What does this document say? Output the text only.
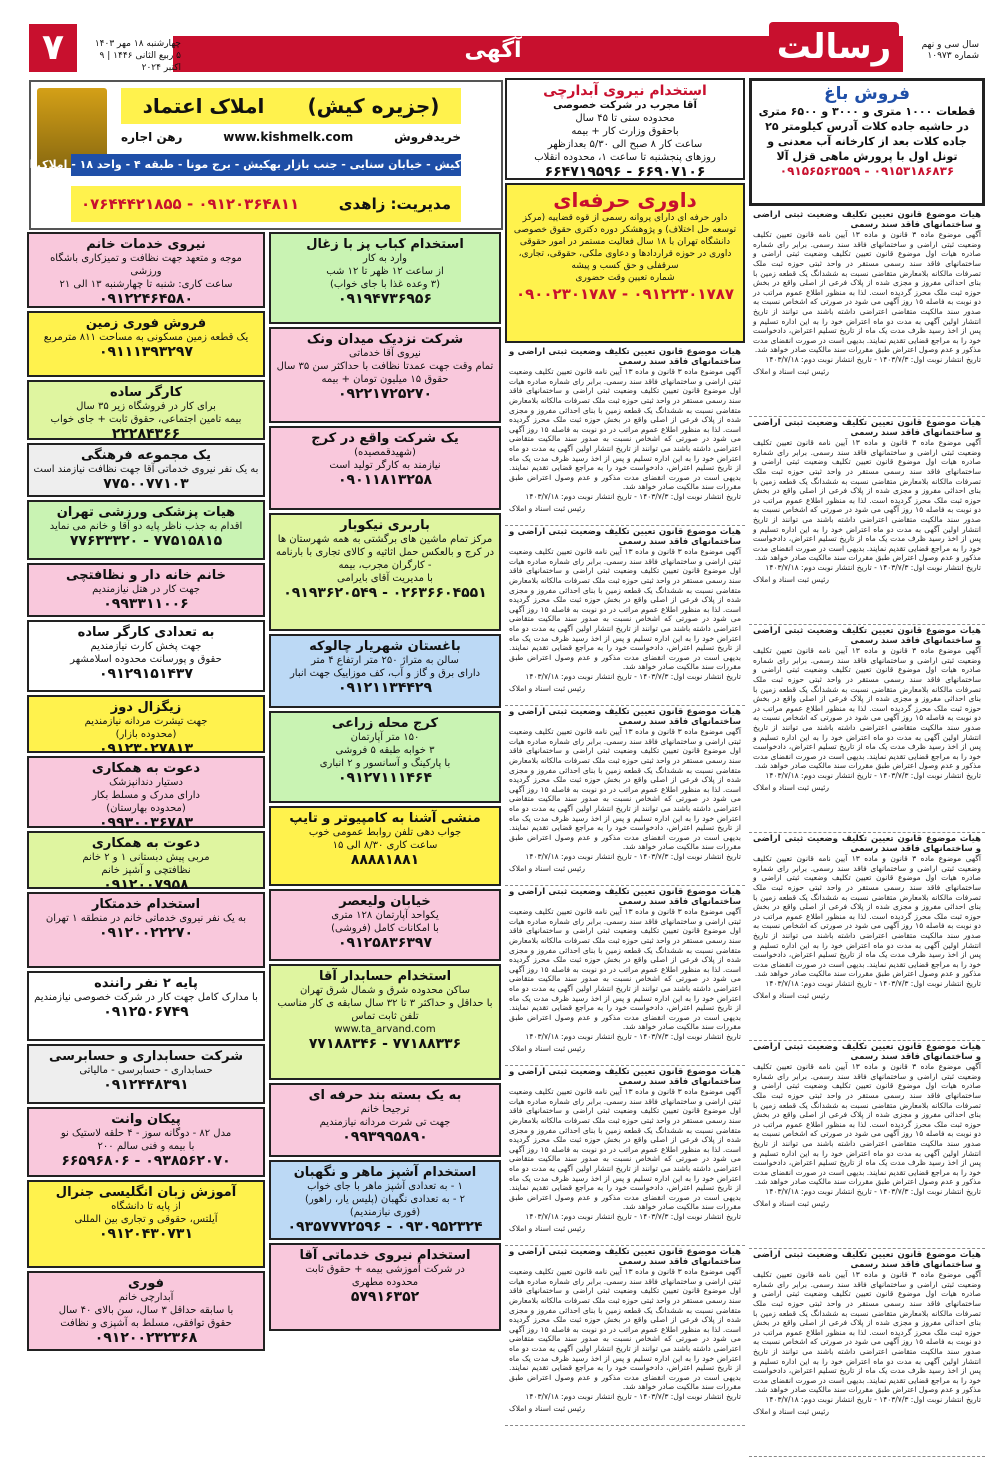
رسالت	سال سی و نهم
شماره ۱۰۹۷۳
آگهی
۷	چهارشنبه ۱۸ مهر ۱۴۰۳
۵ ربیع الثانی ۱۴۴۶ | ۹ اکتبر ۲۰۲۴
(جزیره کیش)
املاک اعتماد
خریدفروش
www.kishmelk.com
رهن اجاره
کیش - خیابان سنایی - جنب بازار بهکیش - برج مونا - طبقه ۴ - واحد ۱۸ - املاک اعتماد
مدیریت: زاهدی
۰۹۱۲۰۳۶۴۸۱۱ - ۰۷۶۴۴۴۲۱۸۵۵
فروش باغ
قطعات ۱۰۰۰ متری و ۳۰۰۰ و ۶۵۰۰ متری در حاشیه جاده کلات آدرس کیلومتر ۲۵ جاده کلات بعد از کارخانه آب معدنی و تونل اول با پرورش ماهی قزل آلا
۰۹۱۵۳۱۸۶۸۳۶ - ۰۹۱۵۶۵۶۳۵۵۹
هیات موضوع قانون تعیین تکلیف وضعیت ثبتی اراضی و ساختمانهای فاقد سند رسمی
آگهی موضوع ماده ۳ قانون و ماده ۱۳ آیین نامه قانون تعیین تکلیف وضعیت ثبتی اراضی و ساختمانهای فاقد سند رسمی. برابر رای شماره صادره هیات اول موضوع قانون تعیین تکلیف وضعیت ثبتی اراضی و ساختمانهای فاقد سند رسمی مستقر در واحد ثبتی حوزه ثبت ملک تصرفات مالکانه بلامعارض متقاضی نسبت به ششدانگ یک قطعه زمین با بنای احداثی مفروز و مجزی شده از پلاک فرعی از اصلی واقع در بخش حوزه ثبت ملک محرز گردیده است. لذا به منظور اطلاع عموم مراتب در دو نوبت به فاصله ۱۵ روز آگهی می شود در صورتی که اشخاص نسبت به صدور سند مالکیت متقاضی اعتراضی داشته باشند می توانند از تاریخ انتشار اولین آگهی به مدت دو ماه اعتراض خود را به این اداره تسلیم و پس از اخذ رسید ظرف مدت یک ماه از تاریخ تسلیم اعتراض، دادخواست خود را به مراجع قضایی تقدیم نمایند. بدیهی است در صورت انقضای مدت مذکور و عدم وصول اعتراض طبق مقررات سند مالکیت صادر خواهد شد.
تاریخ انتشار نوبت اول: ۱۴۰۳/۷/۳ - تاریخ انتشار نوبت دوم: ۱۴۰۳/۷/۱۸
رئیس ثبت اسناد و املاک
هیات موضوع قانون تعیین تکلیف وضعیت ثبتی اراضی و ساختمانهای فاقد سند رسمی
آگهی موضوع ماده ۳ قانون و ماده ۱۳ آیین نامه قانون تعیین تکلیف وضعیت ثبتی اراضی و ساختمانهای فاقد سند رسمی. برابر رای شماره صادره هیات اول موضوع قانون تعیین تکلیف وضعیت ثبتی اراضی و ساختمانهای فاقد سند رسمی مستقر در واحد ثبتی حوزه ثبت ملک تصرفات مالکانه بلامعارض متقاضی نسبت به ششدانگ یک قطعه زمین با بنای احداثی مفروز و مجزی شده از پلاک فرعی از اصلی واقع در بخش حوزه ثبت ملک محرز گردیده است. لذا به منظور اطلاع عموم مراتب در دو نوبت به فاصله ۱۵ روز آگهی می شود در صورتی که اشخاص نسبت به صدور سند مالکیت متقاضی اعتراضی داشته باشند می توانند از تاریخ انتشار اولین آگهی به مدت دو ماه اعتراض خود را به این اداره تسلیم و پس از اخذ رسید ظرف مدت یک ماه از تاریخ تسلیم اعتراض، دادخواست خود را به مراجع قضایی تقدیم نمایند. بدیهی است در صورت انقضای مدت مذکور و عدم وصول اعتراض طبق مقررات سند مالکیت صادر خواهد شد.
تاریخ انتشار نوبت اول: ۱۴۰۳/۷/۳ - تاریخ انتشار نوبت دوم: ۱۴۰۳/۷/۱۸
رئیس ثبت اسناد و املاک
هیات موضوع قانون تعیین تکلیف وضعیت ثبتی اراضی و ساختمانهای فاقد سند رسمی
آگهی موضوع ماده ۳ قانون و ماده ۱۳ آیین نامه قانون تعیین تکلیف وضعیت ثبتی اراضی و ساختمانهای فاقد سند رسمی. برابر رای شماره صادره هیات اول موضوع قانون تعیین تکلیف وضعیت ثبتی اراضی و ساختمانهای فاقد سند رسمی مستقر در واحد ثبتی حوزه ثبت ملک تصرفات مالکانه بلامعارض متقاضی نسبت به ششدانگ یک قطعه زمین با بنای احداثی مفروز و مجزی شده از پلاک فرعی از اصلی واقع در بخش حوزه ثبت ملک محرز گردیده است. لذا به منظور اطلاع عموم مراتب در دو نوبت به فاصله ۱۵ روز آگهی می شود در صورتی که اشخاص نسبت به صدور سند مالکیت متقاضی اعتراضی داشته باشند می توانند از تاریخ انتشار اولین آگهی به مدت دو ماه اعتراض خود را به این اداره تسلیم و پس از اخذ رسید ظرف مدت یک ماه از تاریخ تسلیم اعتراض، دادخواست خود را به مراجع قضایی تقدیم نمایند. بدیهی است در صورت انقضای مدت مذکور و عدم وصول اعتراض طبق مقررات سند مالکیت صادر خواهد شد.
تاریخ انتشار نوبت اول: ۱۴۰۳/۷/۳ - تاریخ انتشار نوبت دوم: ۱۴۰۳/۷/۱۸
رئیس ثبت اسناد و املاک
هیات موضوع قانون تعیین تکلیف وضعیت ثبتی اراضی و ساختمانهای فاقد سند رسمی
آگهی موضوع ماده ۳ قانون و ماده ۱۳ آیین نامه قانون تعیین تکلیف وضعیت ثبتی اراضی و ساختمانهای فاقد سند رسمی. برابر رای شماره صادره هیات اول موضوع قانون تعیین تکلیف وضعیت ثبتی اراضی و ساختمانهای فاقد سند رسمی مستقر در واحد ثبتی حوزه ثبت ملک تصرفات مالکانه بلامعارض متقاضی نسبت به ششدانگ یک قطعه زمین با بنای احداثی مفروز و مجزی شده از پلاک فرعی از اصلی واقع در بخش حوزه ثبت ملک محرز گردیده است. لذا به منظور اطلاع عموم مراتب در دو نوبت به فاصله ۱۵ روز آگهی می شود در صورتی که اشخاص نسبت به صدور سند مالکیت متقاضی اعتراضی داشته باشند می توانند از تاریخ انتشار اولین آگهی به مدت دو ماه اعتراض خود را به این اداره تسلیم و پس از اخذ رسید ظرف مدت یک ماه از تاریخ تسلیم اعتراض، دادخواست خود را به مراجع قضایی تقدیم نمایند. بدیهی است در صورت انقضای مدت مذکور و عدم وصول اعتراض طبق مقررات سند مالکیت صادر خواهد شد.
تاریخ انتشار نوبت اول: ۱۴۰۳/۷/۳ - تاریخ انتشار نوبت دوم: ۱۴۰۳/۷/۱۸
رئیس ثبت اسناد و املاک
هیات موضوع قانون تعیین تکلیف وضعیت ثبتی اراضی و ساختمانهای فاقد سند رسمی
آگهی موضوع ماده ۳ قانون و ماده ۱۳ آیین نامه قانون تعیین تکلیف وضعیت ثبتی اراضی و ساختمانهای فاقد سند رسمی. برابر رای شماره صادره هیات اول موضوع قانون تعیین تکلیف وضعیت ثبتی اراضی و ساختمانهای فاقد سند رسمی مستقر در واحد ثبتی حوزه ثبت ملک تصرفات مالکانه بلامعارض متقاضی نسبت به ششدانگ یک قطعه زمین با بنای احداثی مفروز و مجزی شده از پلاک فرعی از اصلی واقع در بخش حوزه ثبت ملک محرز گردیده است. لذا به منظور اطلاع عموم مراتب در دو نوبت به فاصله ۱۵ روز آگهی می شود در صورتی که اشخاص نسبت به صدور سند مالکیت متقاضی اعتراضی داشته باشند می توانند از تاریخ انتشار اولین آگهی به مدت دو ماه اعتراض خود را به این اداره تسلیم و پس از اخذ رسید ظرف مدت یک ماه از تاریخ تسلیم اعتراض، دادخواست خود را به مراجع قضایی تقدیم نمایند. بدیهی است در صورت انقضای مدت مذکور و عدم وصول اعتراض طبق مقررات سند مالکیت صادر خواهد شد.
تاریخ انتشار نوبت اول: ۱۴۰۳/۷/۳ - تاریخ انتشار نوبت دوم: ۱۴۰۳/۷/۱۸
رئیس ثبت اسناد و املاک
هیات موضوع قانون تعیین تکلیف وضعیت ثبتی اراضی و ساختمانهای فاقد سند رسمی
آگهی موضوع ماده ۳ قانون و ماده ۱۳ آیین نامه قانون تعیین تکلیف وضعیت ثبتی اراضی و ساختمانهای فاقد سند رسمی. برابر رای شماره صادره هیات اول موضوع قانون تعیین تکلیف وضعیت ثبتی اراضی و ساختمانهای فاقد سند رسمی مستقر در واحد ثبتی حوزه ثبت ملک تصرفات مالکانه بلامعارض متقاضی نسبت به ششدانگ یک قطعه زمین با بنای احداثی مفروز و مجزی شده از پلاک فرعی از اصلی واقع در بخش حوزه ثبت ملک محرز گردیده است. لذا به منظور اطلاع عموم مراتب در دو نوبت به فاصله ۱۵ روز آگهی می شود در صورتی که اشخاص نسبت به صدور سند مالکیت متقاضی اعتراضی داشته باشند می توانند از تاریخ انتشار اولین آگهی به مدت دو ماه اعتراض خود را به این اداره تسلیم و پس از اخذ رسید ظرف مدت یک ماه از تاریخ تسلیم اعتراض، دادخواست خود را به مراجع قضایی تقدیم نمایند. بدیهی است در صورت انقضای مدت مذکور و عدم وصول اعتراض طبق مقررات سند مالکیت صادر خواهد شد.
تاریخ انتشار نوبت اول: ۱۴۰۳/۷/۳ - تاریخ انتشار نوبت دوم: ۱۴۰۳/۷/۱۸
رئیس ثبت اسناد و املاک
استخدام نیروی آبدارچی
آقا مجرب در شرکت خصوصی
محدوده سنی تا ۴۵ سال
باحقوق وزارت کار + بیمه
ساعت کار ۸ صبح الی ۵/۳۰ بعدازظهر
روزهای پنجشنبه تا ساعت ۱، محدوده انقلاب
۶۶۹۰۷۱۰۶ - ۶۶۴۷۱۹۵۹۶
داوری حرفه‌ای
داور حرفه ای دارای پروانه رسمی از قوه قضاییه (مرکز توسعه حل اختلاف) و پژوهشکر دوره دکتری حقوق خصوصی دانشگاه تهران با ۱۸ سال فعالیت مستمر در امور حقوقی
داوری در حوزه قراردادها و دعاوی ملکی، حقوقی، تجاری، سرقفلی و حق کسب و پیشه
شماره تعیین وقت حضوری
۰۹۱۲۲۳۰۱۷۸۷ - ۰۹۰۰۲۳۰۱۷۸۷
هیات موضوع قانون تعیین تکلیف وضعیت ثبتی اراضی و ساختمانهای فاقد سند رسمی
آگهی موضوع ماده ۳ قانون و ماده ۱۳ آیین نامه قانون تعیین تکلیف وضعیت ثبتی اراضی و ساختمانهای فاقد سند رسمی. برابر رای شماره صادره هیات اول موضوع قانون تعیین تکلیف وضعیت ثبتی اراضی و ساختمانهای فاقد سند رسمی مستقر در واحد ثبتی حوزه ثبت ملک تصرفات مالکانه بلامعارض متقاضی نسبت به ششدانگ یک قطعه زمین با بنای احداثی مفروز و مجزی شده از پلاک فرعی از اصلی واقع در بخش حوزه ثبت ملک محرز گردیده است. لذا به منظور اطلاع عموم مراتب در دو نوبت به فاصله ۱۵ روز آگهی می شود در صورتی که اشخاص نسبت به صدور سند مالکیت متقاضی اعتراضی داشته باشند می توانند از تاریخ انتشار اولین آگهی به مدت دو ماه اعتراض خود را به این اداره تسلیم و پس از اخذ رسید ظرف مدت یک ماه از تاریخ تسلیم اعتراض، دادخواست خود را به مراجع قضایی تقدیم نمایند. بدیهی است در صورت انقضای مدت مذکور و عدم وصول اعتراض طبق مقررات سند مالکیت صادر خواهد شد.
تاریخ انتشار نوبت اول: ۱۴۰۳/۷/۳ - تاریخ انتشار نوبت دوم: ۱۴۰۳/۷/۱۸
رئیس ثبت اسناد و املاک
هیات موضوع قانون تعیین تکلیف وضعیت ثبتی اراضی و ساختمانهای فاقد سند رسمی
آگهی موضوع ماده ۳ قانون و ماده ۱۳ آیین نامه قانون تعیین تکلیف وضعیت ثبتی اراضی و ساختمانهای فاقد سند رسمی. برابر رای شماره صادره هیات اول موضوع قانون تعیین تکلیف وضعیت ثبتی اراضی و ساختمانهای فاقد سند رسمی مستقر در واحد ثبتی حوزه ثبت ملک تصرفات مالکانه بلامعارض متقاضی نسبت به ششدانگ یک قطعه زمین با بنای احداثی مفروز و مجزی شده از پلاک فرعی از اصلی واقع در بخش حوزه ثبت ملک محرز گردیده است. لذا به منظور اطلاع عموم مراتب در دو نوبت به فاصله ۱۵ روز آگهی می شود در صورتی که اشخاص نسبت به صدور سند مالکیت متقاضی اعتراضی داشته باشند می توانند از تاریخ انتشار اولین آگهی به مدت دو ماه اعتراض خود را به این اداره تسلیم و پس از اخذ رسید ظرف مدت یک ماه از تاریخ تسلیم اعتراض، دادخواست خود را به مراجع قضایی تقدیم نمایند. بدیهی است در صورت انقضای مدت مذکور و عدم وصول اعتراض طبق مقررات سند مالکیت صادر خواهد شد.
تاریخ انتشار نوبت اول: ۱۴۰۳/۷/۳ - تاریخ انتشار نوبت دوم: ۱۴۰۳/۷/۱۸
رئیس ثبت اسناد و املاک
هیات موضوع قانون تعیین تکلیف وضعیت ثبتی اراضی و ساختمانهای فاقد سند رسمی
آگهی موضوع ماده ۳ قانون و ماده ۱۳ آیین نامه قانون تعیین تکلیف وضعیت ثبتی اراضی و ساختمانهای فاقد سند رسمی. برابر رای شماره صادره هیات اول موضوع قانون تعیین تکلیف وضعیت ثبتی اراضی و ساختمانهای فاقد سند رسمی مستقر در واحد ثبتی حوزه ثبت ملک تصرفات مالکانه بلامعارض متقاضی نسبت به ششدانگ یک قطعه زمین با بنای احداثی مفروز و مجزی شده از پلاک فرعی از اصلی واقع در بخش حوزه ثبت ملک محرز گردیده است. لذا به منظور اطلاع عموم مراتب در دو نوبت به فاصله ۱۵ روز آگهی می شود در صورتی که اشخاص نسبت به صدور سند مالکیت متقاضی اعتراضی داشته باشند می توانند از تاریخ انتشار اولین آگهی به مدت دو ماه اعتراض خود را به این اداره تسلیم و پس از اخذ رسید ظرف مدت یک ماه از تاریخ تسلیم اعتراض، دادخواست خود را به مراجع قضایی تقدیم نمایند. بدیهی است در صورت انقضای مدت مذکور و عدم وصول اعتراض طبق مقررات سند مالکیت صادر خواهد شد.
تاریخ انتشار نوبت اول: ۱۴۰۳/۷/۳ - تاریخ انتشار نوبت دوم: ۱۴۰۳/۷/۱۸
رئیس ثبت اسناد و املاک
هیات موضوع قانون تعیین تکلیف وضعیت ثبتی اراضی و ساختمانهای فاقد سند رسمی
آگهی موضوع ماده ۳ قانون و ماده ۱۳ آیین نامه قانون تعیین تکلیف وضعیت ثبتی اراضی و ساختمانهای فاقد سند رسمی. برابر رای شماره صادره هیات اول موضوع قانون تعیین تکلیف وضعیت ثبتی اراضی و ساختمانهای فاقد سند رسمی مستقر در واحد ثبتی حوزه ثبت ملک تصرفات مالکانه بلامعارض متقاضی نسبت به ششدانگ یک قطعه زمین با بنای احداثی مفروز و مجزی شده از پلاک فرعی از اصلی واقع در بخش حوزه ثبت ملک محرز گردیده است. لذا به منظور اطلاع عموم مراتب در دو نوبت به فاصله ۱۵ روز آگهی می شود در صورتی که اشخاص نسبت به صدور سند مالکیت متقاضی اعتراضی داشته باشند می توانند از تاریخ انتشار اولین آگهی به مدت دو ماه اعتراض خود را به این اداره تسلیم و پس از اخذ رسید ظرف مدت یک ماه از تاریخ تسلیم اعتراض، دادخواست خود را به مراجع قضایی تقدیم نمایند. بدیهی است در صورت انقضای مدت مذکور و عدم وصول اعتراض طبق مقررات سند مالکیت صادر خواهد شد.
تاریخ انتشار نوبت اول: ۱۴۰۳/۷/۳ - تاریخ انتشار نوبت دوم: ۱۴۰۳/۷/۱۸
رئیس ثبت اسناد و املاک
هیات موضوع قانون تعیین تکلیف وضعیت ثبتی اراضی و ساختمانهای فاقد سند رسمی
آگهی موضوع ماده ۳ قانون و ماده ۱۳ آیین نامه قانون تعیین تکلیف وضعیت ثبتی اراضی و ساختمانهای فاقد سند رسمی. برابر رای شماره صادره هیات اول موضوع قانون تعیین تکلیف وضعیت ثبتی اراضی و ساختمانهای فاقد سند رسمی مستقر در واحد ثبتی حوزه ثبت ملک تصرفات مالکانه بلامعارض متقاضی نسبت به ششدانگ یک قطعه زمین با بنای احداثی مفروز و مجزی شده از پلاک فرعی از اصلی واقع در بخش حوزه ثبت ملک محرز گردیده است. لذا به منظور اطلاع عموم مراتب در دو نوبت به فاصله ۱۵ روز آگهی می شود در صورتی که اشخاص نسبت به صدور سند مالکیت متقاضی اعتراضی داشته باشند می توانند از تاریخ انتشار اولین آگهی به مدت دو ماه اعتراض خود را به این اداره تسلیم و پس از اخذ رسید ظرف مدت یک ماه از تاریخ تسلیم اعتراض، دادخواست خود را به مراجع قضایی تقدیم نمایند. بدیهی است در صورت انقضای مدت مذکور و عدم وصول اعتراض طبق مقررات سند مالکیت صادر خواهد شد.
تاریخ انتشار نوبت اول: ۱۴۰۳/۷/۳ - تاریخ انتشار نوبت دوم: ۱۴۰۳/۷/۱۸
رئیس ثبت اسناد و املاک
هیات موضوع قانون تعیین تکلیف وضعیت ثبتی اراضی و ساختمانهای فاقد سند رسمی
آگهی موضوع ماده ۳ قانون و ماده ۱۳ آیین نامه قانون تعیین تکلیف وضعیت ثبتی اراضی و ساختمانهای فاقد سند رسمی. برابر رای شماره صادره هیات اول موضوع قانون تعیین تکلیف وضعیت ثبتی اراضی و ساختمانهای فاقد سند رسمی مستقر در واحد ثبتی حوزه ثبت ملک تصرفات مالکانه بلامعارض متقاضی نسبت به ششدانگ یک قطعه زمین با بنای احداثی مفروز و مجزی شده از پلاک فرعی از اصلی واقع در بخش حوزه ثبت ملک محرز گردیده است. لذا به منظور اطلاع عموم مراتب در دو نوبت به فاصله ۱۵ روز آگهی می شود در صورتی که اشخاص نسبت به صدور سند مالکیت متقاضی اعتراضی داشته باشند می توانند از تاریخ انتشار اولین آگهی به مدت دو ماه اعتراض خود را به این اداره تسلیم و پس از اخذ رسید ظرف مدت یک ماه از تاریخ تسلیم اعتراض، دادخواست خود را به مراجع قضایی تقدیم نمایند. بدیهی است در صورت انقضای مدت مذکور و عدم وصول اعتراض طبق مقررات سند مالکیت صادر خواهد شد.
تاریخ انتشار نوبت اول: ۱۴۰۳/۷/۳ - تاریخ انتشار نوبت دوم: ۱۴۰۳/۷/۱۸
رئیس ثبت اسناد و املاک
استخدام کباب پز با زغال
وارد به کار
از ساعت ۱۲ ظهر تا ۱۲ شب
(۳ وعده غذا با جای خواب)
۰۹۱۹۴۷۳۶۹۵۶
شرکت نزدیک میدان ونک
نیروی آقا خدماتی
تمام وقت جهت عمدتا نظافت با حداکثر سن ۳۵ سال
حقوق ۱۵ میلیون تومان + بیمه
۰۹۲۲۱۷۲۵۲۷۰
یک شرکت واقع در کرج
(شهیدقمصیده)
نیازمند به کارگر تولید است
۰۹۰۱۱۸۱۳۲۵۸
باربری نیکوبار
مرکز تمام ماشین های برگشتی به همه شهرستان ها در کرج و بالعکس حمل اثاثیه و کالای تجاری با بارنامه - کارگران مجرب، بیمه
با مدیریت آقای بایرامی
۰۲۶۳۶۶۰۴۵۵۱ - ۰۹۱۹۳۶۲۰۵۴۹
باغستان شهریار چالوکه
سالن به متراژ ۲۵۰ متر ارتفاع ۴ متر
دارای برق و گاز و آب، کف موزاییک جهت انبار
۰۹۱۲۱۱۳۴۴۲۹
کرج محله زراعی
۱۵۰ متر آپارتمان
۳ خوابه طبقه ۵ فروشی
با پارکینگ و آسانسور و ۲ انباری
۰۹۱۲۷۱۱۱۴۶۴
منشی آشنا به کامپیوتر و تایپ
جواب دهی تلفن روابط عمومی خوب
ساعت کاری ۸/۳۰ الی ۱۵
۸۸۸۸۱۸۸۱
خیابان ولیعصر
یکواحد آپارتمان ۱۲۸ متری
با امکانات کامل (فروشی)
۰۹۱۲۵۸۳۶۳۹۷
استخدام حسابدار آقا
ساکن محدوده شرق و شمال شرق تهران
با حداقل و حداکثر ۳ تا ۳۲ سال سابقه ی کار مناسب
تلفن ثابت تماس
www.ta_arvand.com
۷۷۱۸۸۳۳۶ - ۷۷۱۸۸۳۴۶
به یک بسته بند حرفه ای
ترجیحا خانم
جهت تی شرت مردانه نیازمندیم
۰۹۹۳۹۹۵۸۹۰
استخدام آشپز ماهر و نگهبان
۱ - به تعدادی آشپز ماهر با جای خواب
۲ - به تعدادی نگهبان (پلیس یار، راهور)
(فوری نیازمندیم)
۰۹۳۰۹۵۲۳۲۴ - ۰۹۳۵۷۷۷۲۵۹۶
استخدام نیروی خدماتی آقا
در شرکت آموزشی بیمه + حقوق ثابت
محدوده مطهری
۵۷۹۱۶۳۵۲
نیروی خدمات خانم
موجه و متعهد جهت نظافت و تمیزکاری باشگاه ورزشی
ساعت کاری: شنبه تا چهارشنبه ۱۳ الی ۲۱
۰۹۱۲۲۴۶۴۵۸۰
فروش فوری زمین
یک قطعه زمین مسکونی به مساحت ۸۱۱ مترمربع
۰۹۱۱۱۳۹۳۲۹۷
کارگر ساده
برای کار در فروشگاه زیر ۳۵ سال
بیمه تامین اجتماعی، حقوق ثابت + جای خواب
۲۲۲۸۴۳۶۶
یک مجموعه فرهنگی
به یک نفر نیروی خدماتی آقا جهت نظافت نیازمند است
۷۷۵۰۰۷۷۱۰۳
هیات پزشکی ورزشی تهران
اقدام به جذب ناظر پایه دو آقا و خانم می نماید
۷۷۵۱۵۸۱۵ - ۷۷۶۳۳۳۲۰
خانم خانه دار و نظافتچی
جهت کار در هتل نیازمندیم
۰۹۹۳۳۱۱۰۰۶
به تعدادی کارگر ساده
جهت پخش کارت نیازمندیم
حقوق و پورسانت محدوده اسلامشهر
۰۹۱۲۹۱۵۱۴۳۷
زیگزال دوز
جهت تیشرت مردانه نیازمندیم
(محدوده بازار)
۰۹۱۲۳۰۲۷۸۱۳
دعوت به همکاری
دستیار دندانپزشک
دارای مدرک و مسلط بکار
(محدوده بهارستان)
۰۹۹۳۰۰۳۶۷۸۳
دعوت به همکاری
مربی پیش دبستانی ۱ و ۲ خانم
نظافتچی و آشپز خانم
۰۹۱۲۰۰۷۹۵۸
استخدام خدمتکار
به یک نفر نیروی خدماتی خانم در منطقه ۱ تهران
۰۹۱۲۰۰۲۲۲۷۰
پایه ۲ نفر راننده
با مدارک کامل جهت کار در شرکت خصوصی نیازمندیم
۰۹۱۲۵۰۶۷۴۹
شرکت حسابداری و حسابرسی
حسابداری - حسابرسی - مالیاتی
۰۹۱۲۴۴۸۳۹۱
پیکان وانت
مدل ۸۲ - دوگانه سوز - ۴ حلقه لاستیک نو
با بیمه و فنی سالم ۲۰۰
۰۹۳۸۵۶۲۰۷۰ - ۶۶۵۹۶۸۰۶
آموزش زبان انگلیسی جنرال
از پایه تا دانشگاه
آیلتس، حقوقی و تجاری بین المللی
۰۹۱۲۰۴۳۰۷۳۱
فوری
آبدارچی خانم
با سابقه حداقل ۳ سال، سن بالای ۴۰ سال
حقوق توافقی، مسلط به آشپزی و نظافت
۰۹۱۲۰۰۲۳۲۳۶۸
